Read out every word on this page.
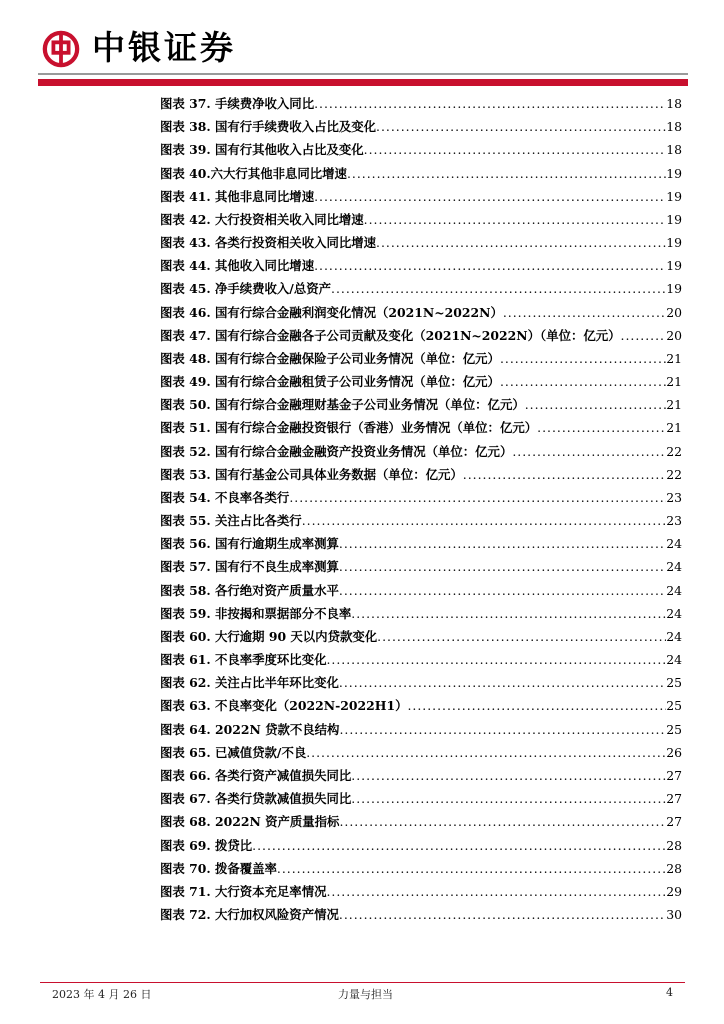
中银证券
图表 37. 手续费净收入同比 .....	18
图表 38. 国有行手续费收入占比及变化 .....	18
图表 39. 国有行其他收入占比及变化 .....	18
图表 40.六大行其他非息同比增速 .....	19
图表 41. 其他非息同比增速 .....	19
图表 42. 大行投资相关收入同比增速 .....	19
图表 43. 各类行投资相关收入同比增速 .....	19
图表 44. 其他收入同比增速 .....	19
图表 45. 净手续费收入/总资产 .....	19
图表 46. 国有行综合金融利润变化情况（2021N~2022N） .....	20
图表 47. 国有行综合金融各子公司贡献及变化（2021N~2022N）（单位：亿元） .....	20
图表 48. 国有行综合金融保险子公司业务情况（单位：亿元） .....	21
图表 49. 国有行综合金融租赁子公司业务情况（单位：亿元） .....	21
图表 50. 国有行综合金融理财基金子公司业务情况（单位：亿元） .....	21
图表 51. 国有行综合金融投资银行（香港）业务情况（单位：亿元） .....	21
图表 52. 国有行综合金融金融资产投资业务情况（单位：亿元） .....	22
图表 53. 国有行基金公司具体业务数据（单位：亿元） .....	22
图表 54. 不良率各类行 .....	23
图表 55. 关注占比各类行 .....	23
图表 56. 国有行逾期生成率测算 .....	24
图表 57. 国有行不良生成率测算 .....	24
图表 58. 各行绝对资产质量水平 .....	24
图表 59. 非按揭和票据部分不良率 .....	24
图表 60. 大行逾期 90 天以内贷款变化 .....	24
图表 61. 不良率季度环比变化 .....	24
图表 62. 关注占比半年环比变化 .....	25
图表 63. 不良率变化（2022N-2022H1） .....	25
图表 64. 2022N 贷款不良结构 .....	25
图表 65. 已减值贷款/不良 .....	26
图表 66. 各类行资产减值损失同比 .....	27
图表 67. 各类行贷款减值损失同比 .....	27
图表 68. 2022N 资产质量指标 .....	27
图表 69. 拨贷比 .....	28
图表 70. 拨备覆盖率 .....	28
图表 71. 大行资本充足率情况 .....	29
图表 72. 大行加权风险资产情况 .....	30
2023 年 4 月 26 日	力量与担当	4
